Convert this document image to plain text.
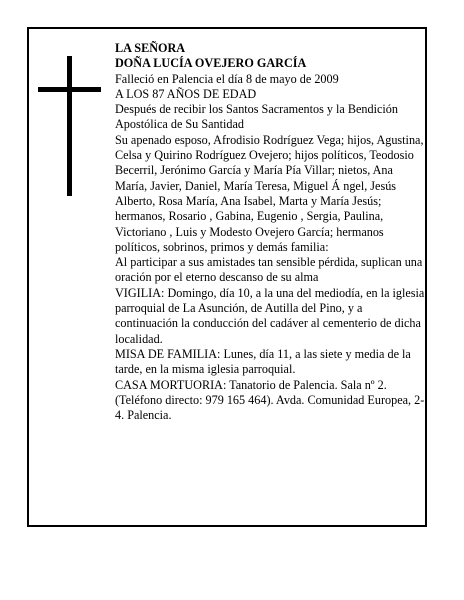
LA SEÑORA

DOÑA LUCÍA OVEJERO GARCÍA

Falleció en Palencia el día 8 de mayo de 2009

A LOS 87 AÑOS DE EDAD

Después de recibir los Santos Sacramentos y la Bendición Apostólica de Su Santidad

Su apenado esposo, Afrodisio Rodríguez Vega; hijos, Agustina, Celsa y Quirino Rodríguez Ovejero; hijos políticos, Teodosio Becerril, Jerónimo García y María Pía Villar; nietos, Ana María, Javier, Daniel, María Teresa, Miguel Á ngel, Jesús Alberto, Rosa María, Ana Isabel, Marta y María Jesús; hermanos, Rosario , Gabina, Eugenio , Sergia, Paulina, Victoriano , Luis y Modesto Ovejero García; hermanos políticos, sobrinos, primos y demás familia:

Al participar a sus amistades tan sensible pérdida, suplican una oración por el eterno descanso de su alma

VIGILIA: Domingo, día 10, a la una del mediodía, en la iglesia parroquial de La Asunción, de Autilla del Pino, y a continuación la conducción del cadáver al cementerio de dicha localidad.

MISA DE FAMILIA: Lunes, día 11, a las siete y media de la tarde, en la misma iglesia parroquial.

CASA MORTUORIA: Tanatorio de Palencia. Sala nº 2. (Teléfono directo: 979 165 464). Avda. Comunidad Europea, 2-4. Palencia.
